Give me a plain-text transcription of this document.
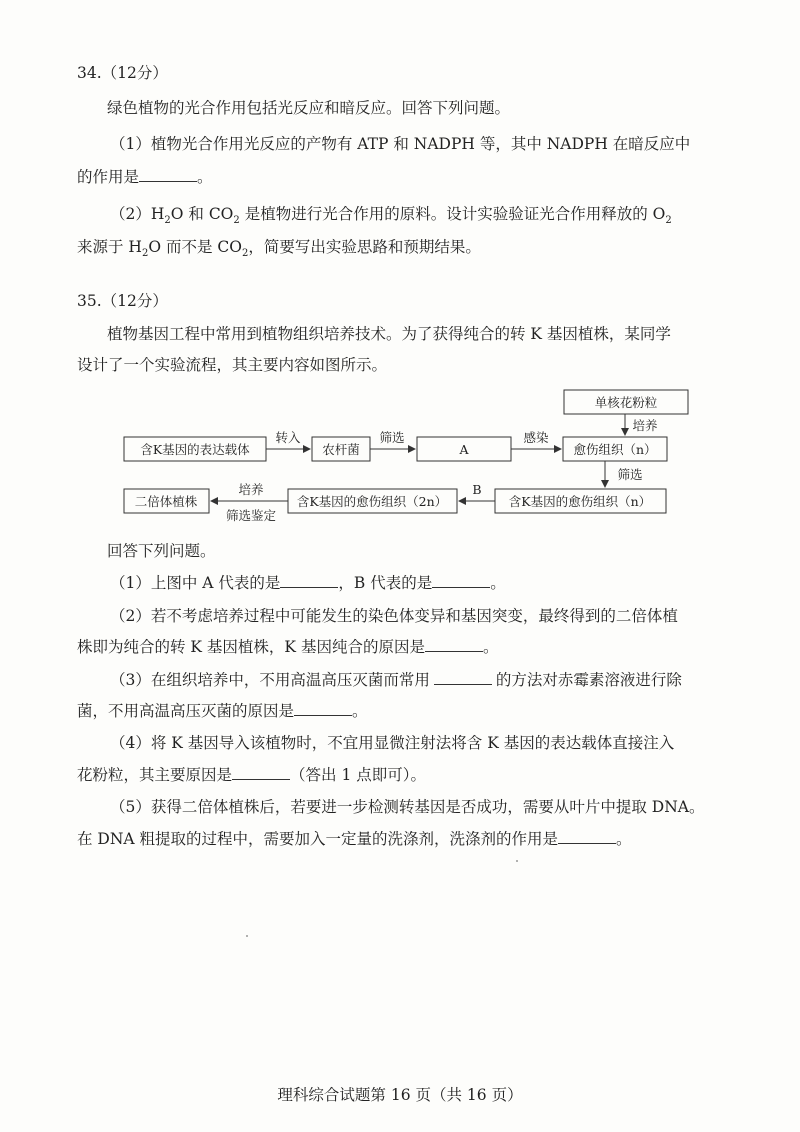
34.（12分）
绿色植物的光合作用包括光反应和暗反应。回答下列问题。
（1）植物光合作用光反应的产物有 ATP 和 NADPH 等，其中 NADPH 在暗反应中
的作用是	。
$(2)H_2O$ 和 $CO_2$ 是植物进行光合作用的原料。设计实验验证光合作用释放的 $O_2$
来源于 $H_2O$ 而不是 $CO_2$，简要写出实验思路和预期结果。
35.（12分）
植物基因工程中常用到植物组织培养技术。为了获得纯合的转 K 基因植株，某同学
设计了一个实验流程，其主要内容如图所示。
含K基因的表达载体	农杆菌	A
单核花粉粒
愈伤组织（n）
含K基因的愈伤组织（n）
含K基因的愈伤组织（2n）
二倍体植株
转入	筛选	感染
培养
筛选
B
培养
筛选鉴定
回答下列问题。
（1）上图中 A 代表的是	，B 代表的是	。
（2）若不考虑培养过程中可能发生的染色体变异和基因突变，最终得到的二倍体植
株即为纯合的转 K 基因植株，K 基因纯合的原因是	。
（3）在组织培养中，不用高温高压灭菌而常用	的方法对赤霉素溶液进行除
菌，不用高温高压灭菌的原因是	。
（4）将 K 基因导入该植物时，不宜用显微注射法将含 K 基因的表达载体直接注入
花粉粒，其主要原因是	（答出 1 点即可）。
（5）获得二倍体植株后，若要进一步检测转基因是否成功，需要从叶片中提取 DNA。
在 DNA 粗提取的过程中，需要加入一定量的洗涤剂，洗涤剂的作用是	。
理科综合试题第 16 页（共 16 页）
